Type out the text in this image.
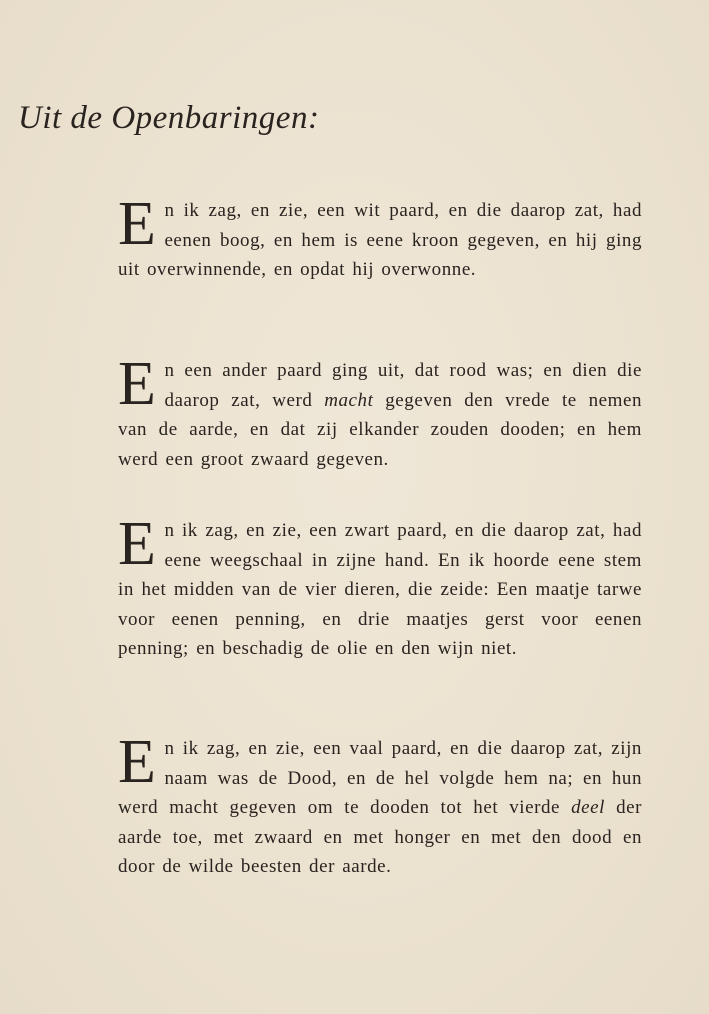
Uit de Openbaringen:

E n ik zag, en zie, een wit paard, en die daarop zat, had eenen boog, en hem is eene kroon gegeven, en hij ging uit overwinnende, en opdat hij overwonne.

E n een ander paard ging uit, dat rood was; en dien die daarop zat, werd macht gegeven den vrede te nemen van de aarde, en dat zij elkander zouden dooden; en hem werd een groot zwaard gegeven.

E n ik zag, en zie, een zwart paard, en die daarop zat, had eene weegschaal in zijne hand. En ik hoorde eene stem in het midden van de vier dieren, die zeide: Een maatje tarwe voor eenen penning, en drie maatjes gerst voor eenen penning; en beschadig de olie en den wijn niet.

E n ik zag, en zie, een vaal paard, en die daarop zat, zijn naam was de Dood, en de hel volgde hem na; en hun werd macht gegeven om te dooden tot het vierde deel der aarde toe, met zwaard en met honger en met den dood en door de wilde beesten der aarde.
